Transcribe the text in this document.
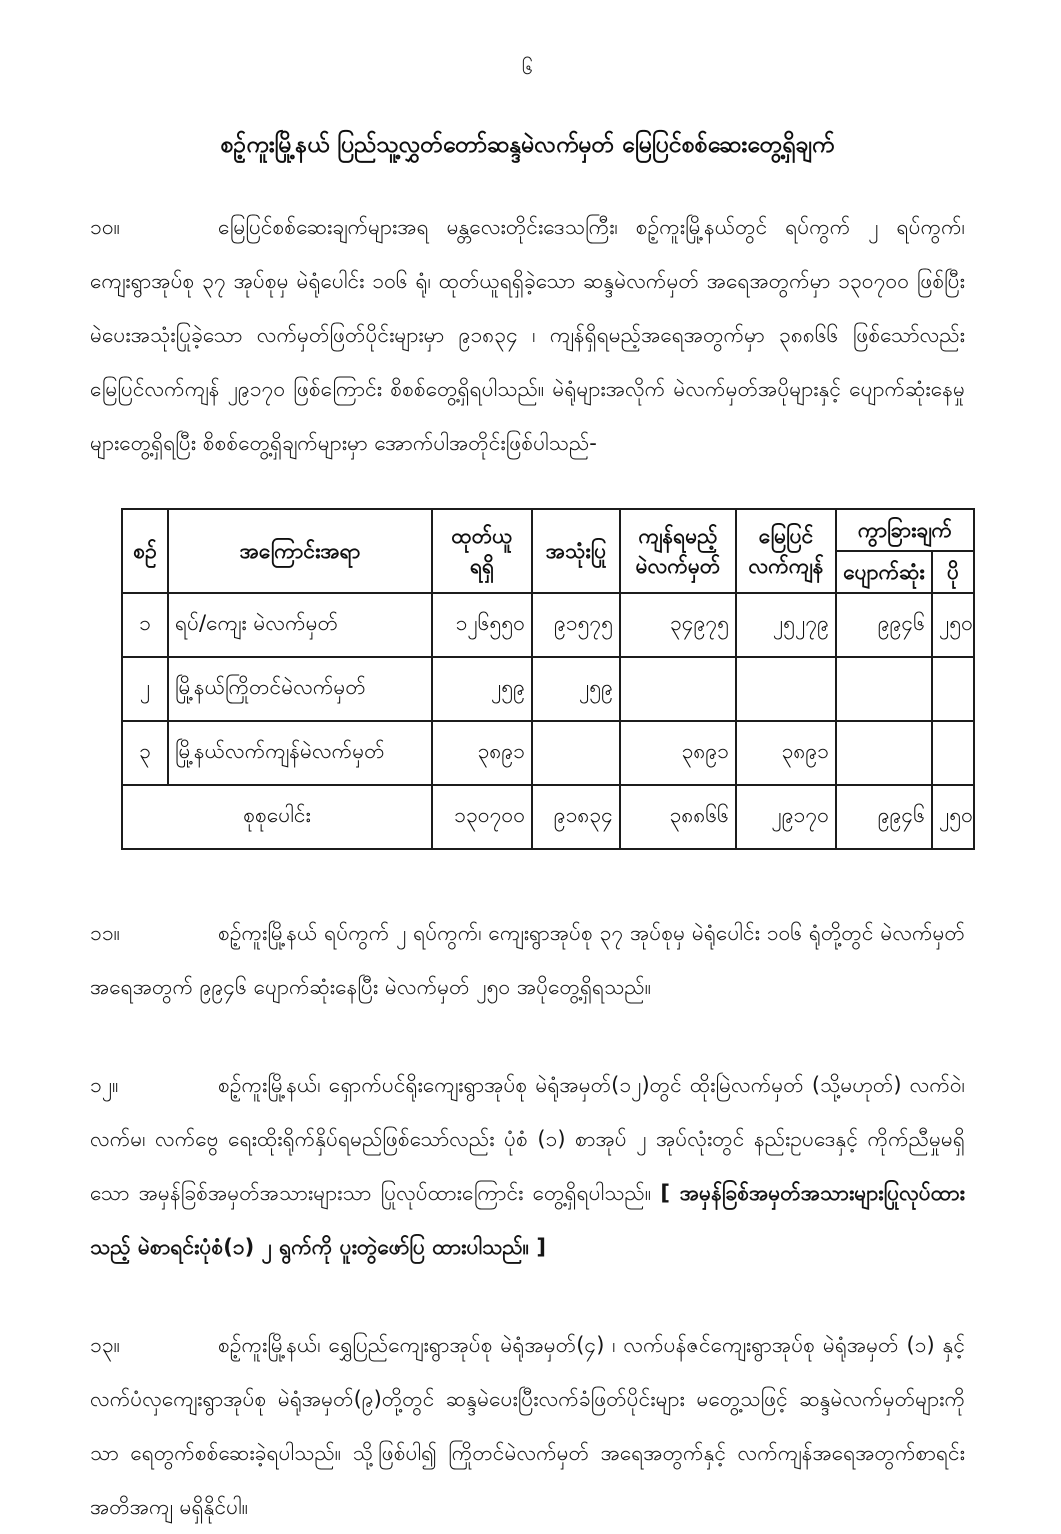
၆
စဉ့်ကူးမြို့နယ် ပြည်သူ့လွှတ်တော်ဆန္ဒမဲလက်မှတ် မြေပြင်စစ်ဆေးတွေ့ရှိချက်

၁၀။	မြေပြင်စစ်ဆေးချက်များအရ မန္တလေးတိုင်းဒေသကြီး၊ စဉ့်ကူးမြို့နယ်တွင် ရပ်ကွက် ၂ ရပ်ကွက်၊ ကျေးရွာအုပ်စု ၃၇ အုပ်စုမှ မဲရုံပေါင်း ၁၀၆ ရုံ၊ ထုတ်ယူရရှိခဲ့သော ဆန္ဒမဲလက်မှတ် အရေအတွက်မှာ ၁၃၀၇၀၀ ဖြစ်ပြီး မဲပေးအသုံးပြုခဲ့သော လက်မှတ်ဖြတ်ပိုင်းများမှာ ၉၁၈၃၄ ၊ ကျန်ရှိရမည့်အရေအတွက်မှာ ၃၈၈၆၆ ဖြစ်သော်လည်း မြေပြင်လက်ကျန် ၂၉၁၇၀ ဖြစ်ကြောင်း စိစစ်တွေ့ရှိရပါသည်။ မဲရုံများအလိုက် မဲလက်မှတ်အပိုများနှင့် ပျောက်ဆုံးနေမှုများတွေ့ရှိရပြီး စိစစ်တွေ့ရှိချက်များမှာ အောက်ပါအတိုင်းဖြစ်ပါသည်-

စဉ်	အကြောင်းအရာ	ထုတ်ယူ
ရရှိ	အသုံးပြု	ကျန်ရမည့်
မဲလက်မှတ်	မြေပြင်
လက်ကျန်	ကွာခြားချက်	
						ပျောက်ဆုံး	ပို
၁	ရပ်/ကျေး မဲလက်မှတ်	၁၂၆၅၅၀	၉၁၅၇၅	၃၄၉၇၅	၂၅၂၇၉	၉၉၄၆	၂၅၀
၂	မြို့နယ်ကြိုတင်မဲလက်မှတ်	၂၅၉	၂၅၉				
၃	မြို့နယ်လက်ကျန်မဲလက်မှတ်	၃၈၉၁		၃၈၉၁	၃၈၉၁		
စုစုပေါင်း		၁၃၀၇၀၀	၉၁၈၃၄	၃၈၈၆၆	၂၉၁၇၀	၉၉၄၆	၂၅၀

၁၁။	စဉ့်ကူးမြို့နယ် ရပ်ကွက် ၂ ရပ်ကွက်၊ ကျေးရွာအုပ်စု ၃၇ အုပ်စုမှ မဲရုံပေါင်း ၁၀၆ ရုံတို့တွင် မဲလက်မှတ်အရေအတွက် ၉၉၄၆ ပျောက်ဆုံးနေပြီး မဲလက်မှတ် ၂၅၀ အပိုတွေ့ရှိရသည်။

၁၂။	စဉ့်ကူးမြို့နယ်၊ ရှောက်ပင်ရိုးကျေးရွာအုပ်စု မဲရုံအမှတ်(၁၂)တွင် ထိုးမြဲလက်မှတ် (သို့မဟုတ်) လက်ဝဲ၊ လက်မ၊ လက်ဗွေ ရေးထိုးရိုက်နှိပ်ရမည်ဖြစ်သော်လည်း ပုံစံ (၁) စာအုပ် ၂ အုပ်လုံးတွင် နည်းဥပဒေနှင့် ကိုက်ညီမှုမရှိသော အမှန်ခြစ်အမှတ်အသားများသာ ပြုလုပ်ထားကြောင်း တွေ့ရှိရပါသည်။ [ အမှန်ခြစ်အမှတ်အသားများပြုလုပ်ထားသည့် မဲစာရင်းပုံစံ(၁) ၂ ရွက်ကို ပူးတွဲဖော်ပြ ထားပါသည်။ ]

၁၃။	စဉ့်ကူးမြို့နယ်၊ ရွှေပြည်ကျေးရွာအုပ်စု မဲရုံအမှတ်(၄) ၊ လက်ပန်ဇင်ကျေးရွာအုပ်စု မဲရုံအမှတ် (၁) နှင့် လက်ပံလှကျေးရွာအုပ်စု မဲရုံအမှတ်(၉)တို့တွင် ဆန္ဒမဲပေးပြီးလက်ခံဖြတ်ပိုင်းများ မတွေ့သဖြင့် ဆန္ဒမဲလက်မှတ်များကိုသာ ရေတွက်စစ်ဆေးခဲ့ရပါသည်။ သို့ဖြစ်ပါ၍ ကြိုတင်မဲလက်မှတ် အရေအတွက်နှင့် လက်ကျန်အရေအတွက်စာရင်း အတိအကျ မရှိနိုင်ပါ။
